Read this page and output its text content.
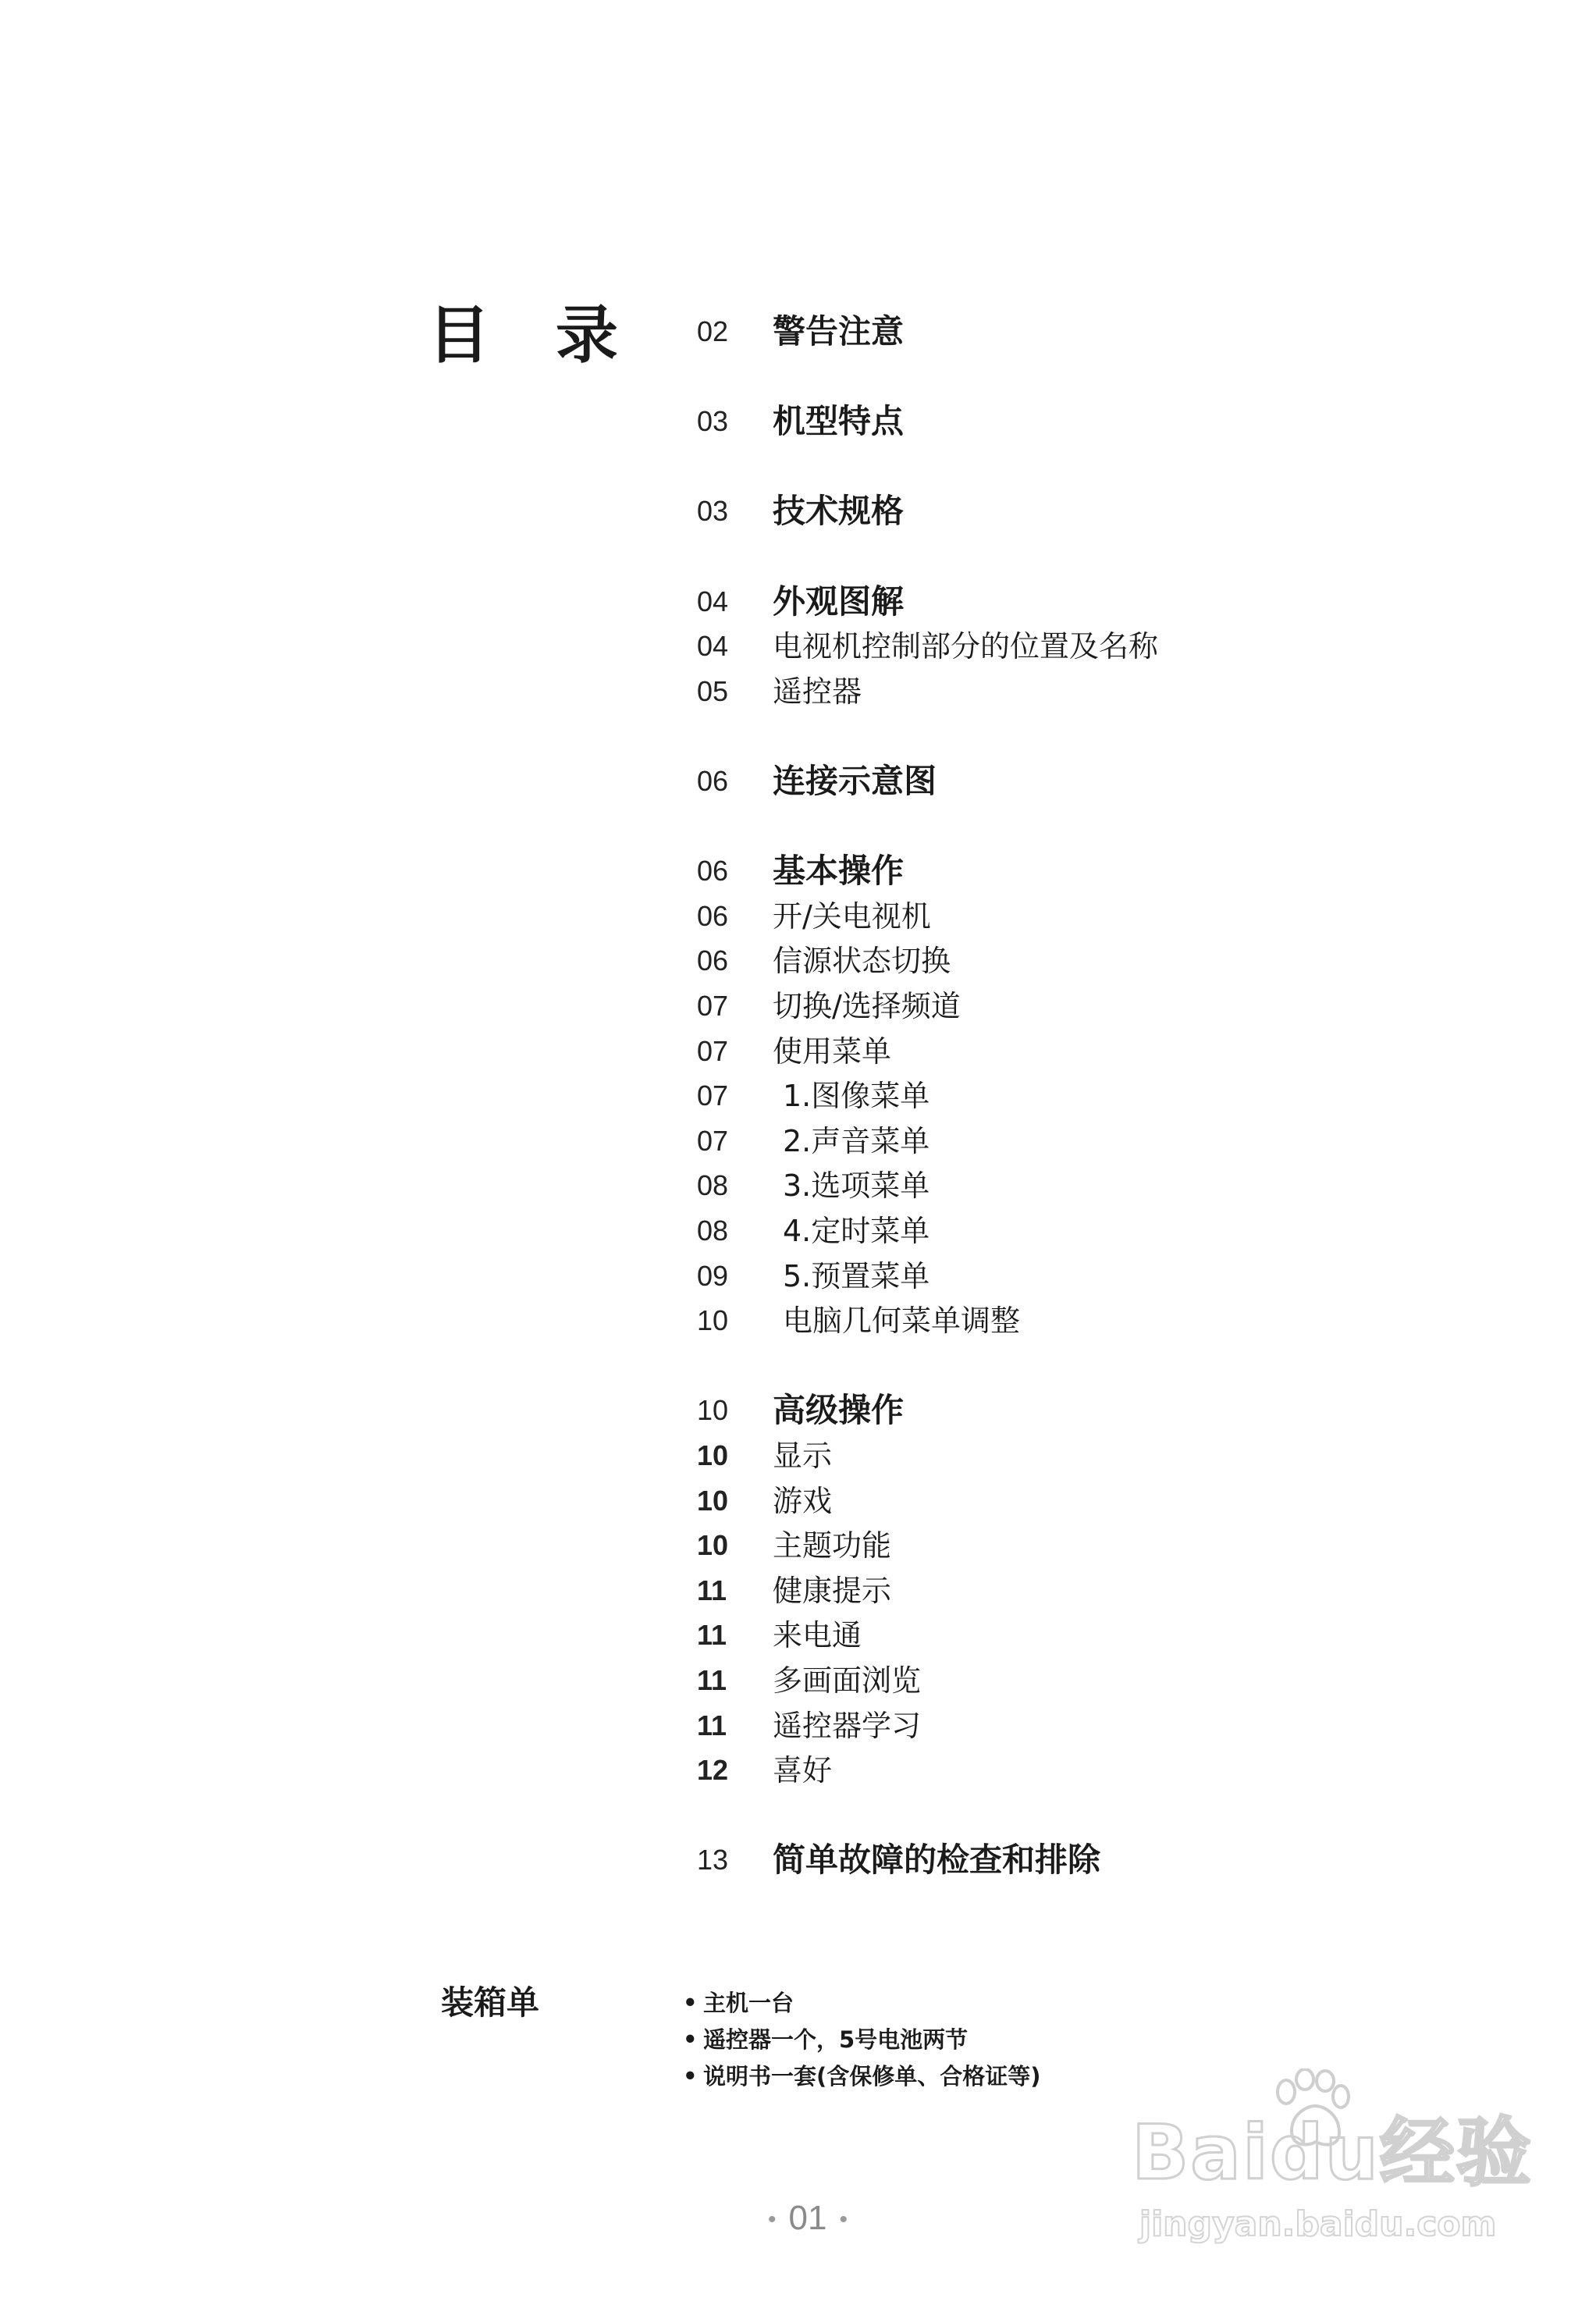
目 录 02	警告注意
03	机型特点
03	技术规格
04	外观图解
04	电视机控制部分的位置及名称
05	遥控器
06	连接示意图
06	基本操作
06	开/关电视机
06	信源状态切换
07	切换/选择频道
07	使用菜单
07	1.图像菜单
07	2.声音菜单
08	3.选项菜单
08	4.定时菜单
09	5.预置菜单
10	电脑几何菜单调整
10	高级操作
10	显示
10	游戏
10	主题功能
11	健康提示
11	来电通
11	多画面浏览
11	遥控器学习
12	喜好
13	简单故障的检查和排除
装箱单	• 主机一台
• 遥控器一个，5号电池两节
• 说明书一套(含保修单、合格证等)
• 01 •
Baidu经验
jingyan.baidu.com
